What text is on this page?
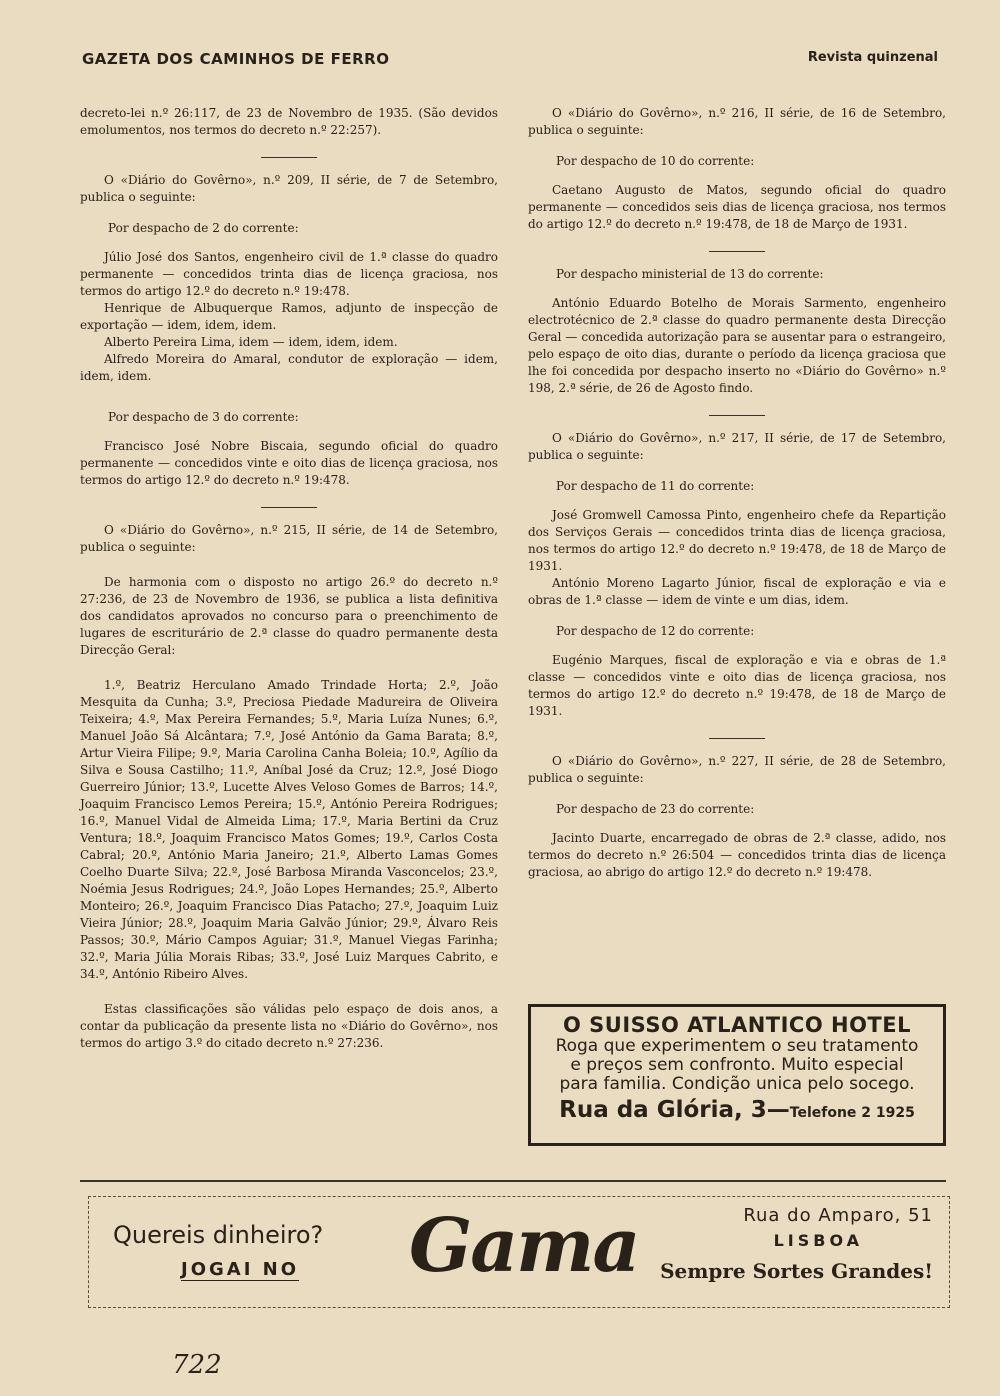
GAZETA DOS CAMINHOS DE FERRO	Revista quinzenal

decreto-lei n.º 26:117, de 23 de Novembro de 1935. (São devidos emolumentos, nos termos do decreto n.º 22:257).

O «Diário do Govêrno», n.º 209, II série, de 7 de Setembro, publica o seguinte:

Por despacho de 2 do corrente:

Júlio José dos Santos, engenheiro civil de 1.ª classe do quadro permanente — concedidos trinta dias de licença graciosa, nos termos do artigo 12.º do decreto n.º 19:478.

Henrique de Albuquerque Ramos, adjunto de inspecção de exportação — idem, idem, idem.

Alberto Pereira Lima, idem — idem, idem, idem.

Alfredo Moreira do Amaral, condutor de exploração — idem, idem, idem.

Por despacho de 3 do corrente:

Francisco José Nobre Biscaia, segundo oficial do quadro permanente — concedidos vinte e oito dias de licença graciosa, nos termos do artigo 12.º do decreto n.º 19:478.

O «Diário do Govêrno», n.º 215, II série, de 14 de Setembro, publica o seguinte:

De harmonia com o disposto no artigo 26.º do decreto n.º 27:236, de 23 de Novembro de 1936, se publica a lista definitiva dos candidatos aprovados no concurso para o preenchimento de lugares de escriturário de 2.ª classe do quadro permanente desta Direcção Geral:

1.º, Beatriz Herculano Amado Trindade Horta; 2.º, João Mesquita da Cunha; 3.º, Preciosa Piedade Madureira de Oliveira Teixeira; 4.º, Max Pereira Fernandes; 5.º, Maria Luíza Nunes; 6.º, Manuel João Sá Alcântara; 7.º, José António da Gama Barata; 8.º, Artur Vieira Filipe; 9.º, Maria Carolina Canha Boleia; 10.º, Agílio da Silva e Sousa Castilho; 11.º, Aníbal José da Cruz; 12.º, José Diogo Guerreiro Júnior; 13.º, Lucette Alves Veloso Gomes de Barros; 14.º, Joaquim Francisco Lemos Pereira; 15.º, António Pereira Rodrigues; 16.º, Manuel Vidal de Almeida Lima; 17.º, Maria Bertini da Cruz Ventura; 18.º, Joaquim Francisco Matos Gomes; 19.º, Carlos Costa Cabral; 20.º, António Maria Janeiro; 21.º, Alberto Lamas Gomes Coelho Duarte Silva; 22.º, José Barbosa Miranda Vasconcelos; 23.º, Noémia Jesus Rodrigues; 24.º, João Lopes Hernandes; 25.º, Alberto Monteiro; 26.º, Joaquim Francisco Dias Patacho; 27.º, Joaquim Luiz Vieira Júnior; 28.º, Joaquim Maria Galvão Júnior; 29.º, Álvaro Reis Passos; 30.º, Mário Campos Aguiar; 31.º, Manuel Viegas Farinha; 32.º, Maria Júlia Morais Ribas; 33.º, José Luiz Marques Cabrito, e 34.º, António Ribeiro Alves.

Estas classificações são válidas pelo espaço de dois anos, a contar da publicação da presente lista no «Diário do Govêrno», nos termos do artigo 3.º do citado decreto n.º 27:236.

O «Diário do Govêrno», n.º 216, II série, de 16 de Setembro, publica o seguinte:

Por despacho de 10 do corrente:

Caetano Augusto de Matos, segundo oficial do quadro permanente — concedidos seis dias de licença graciosa, nos termos do artigo 12.º do decreto n.º 19:478, de 18 de Março de 1931.

Por despacho ministerial de 13 do corrente:

António Eduardo Botelho de Morais Sarmento, engenheiro electrotécnico de 2.ª classe do quadro permanente desta Direcção Geral — concedida autorização para se ausentar para o estrangeiro, pelo espaço de oito dias, durante o período da licença graciosa que lhe foi concedida por despacho inserto no «Diário do Govêrno» n.º 198, 2.ª série, de 26 de Agosto findo.

O «Diário do Govêrno», n.º 217, II série, de 17 de Setembro, publica o seguinte:

Por despacho de 11 do corrente:

José Gromwell Camossa Pinto, engenheiro chefe da Repartição dos Serviços Gerais — concedidos trinta dias de licença graciosa, nos termos do artigo 12.º do decreto n.º 19:478, de 18 de Março de 1931.

António Moreno Lagarto Júnior, fiscal de exploração e via e obras de 1.ª classe — idem de vinte e um dias, idem.

Por despacho de 12 do corrente:

Eugénio Marques, fiscal de exploração e via e obras de 1.ª classe — concedidos vinte e oito dias de licença graciosa, nos termos do artigo 12.º do decreto n.º 19:478, de 18 de Março de 1931.

O «Diário do Govêrno», n.º 227, II série, de 28 de Setembro, publica o seguinte:

Por despacho de 23 do corrente:

Jacinto Duarte, encarregado de obras de 2.ª classe, adido, nos termos do decreto n.º 26:504 — concedidos trinta dias de licença graciosa, ao abrigo do artigo 12.º do decreto n.º 19:478.

O SUISSO ATLANTICO HOTEL
Roga que experimentem o seu tratamento
e preços sem confronto. Muito especial
para familia. Condição unica pelo socego.
Rua da Glória, 3—Telefone 2 1925
Quereis dinheiro?
JOGAI NO Gama	Rua do Amparo, 51
LISBOA
Sempre Sortes Grandes!
722
